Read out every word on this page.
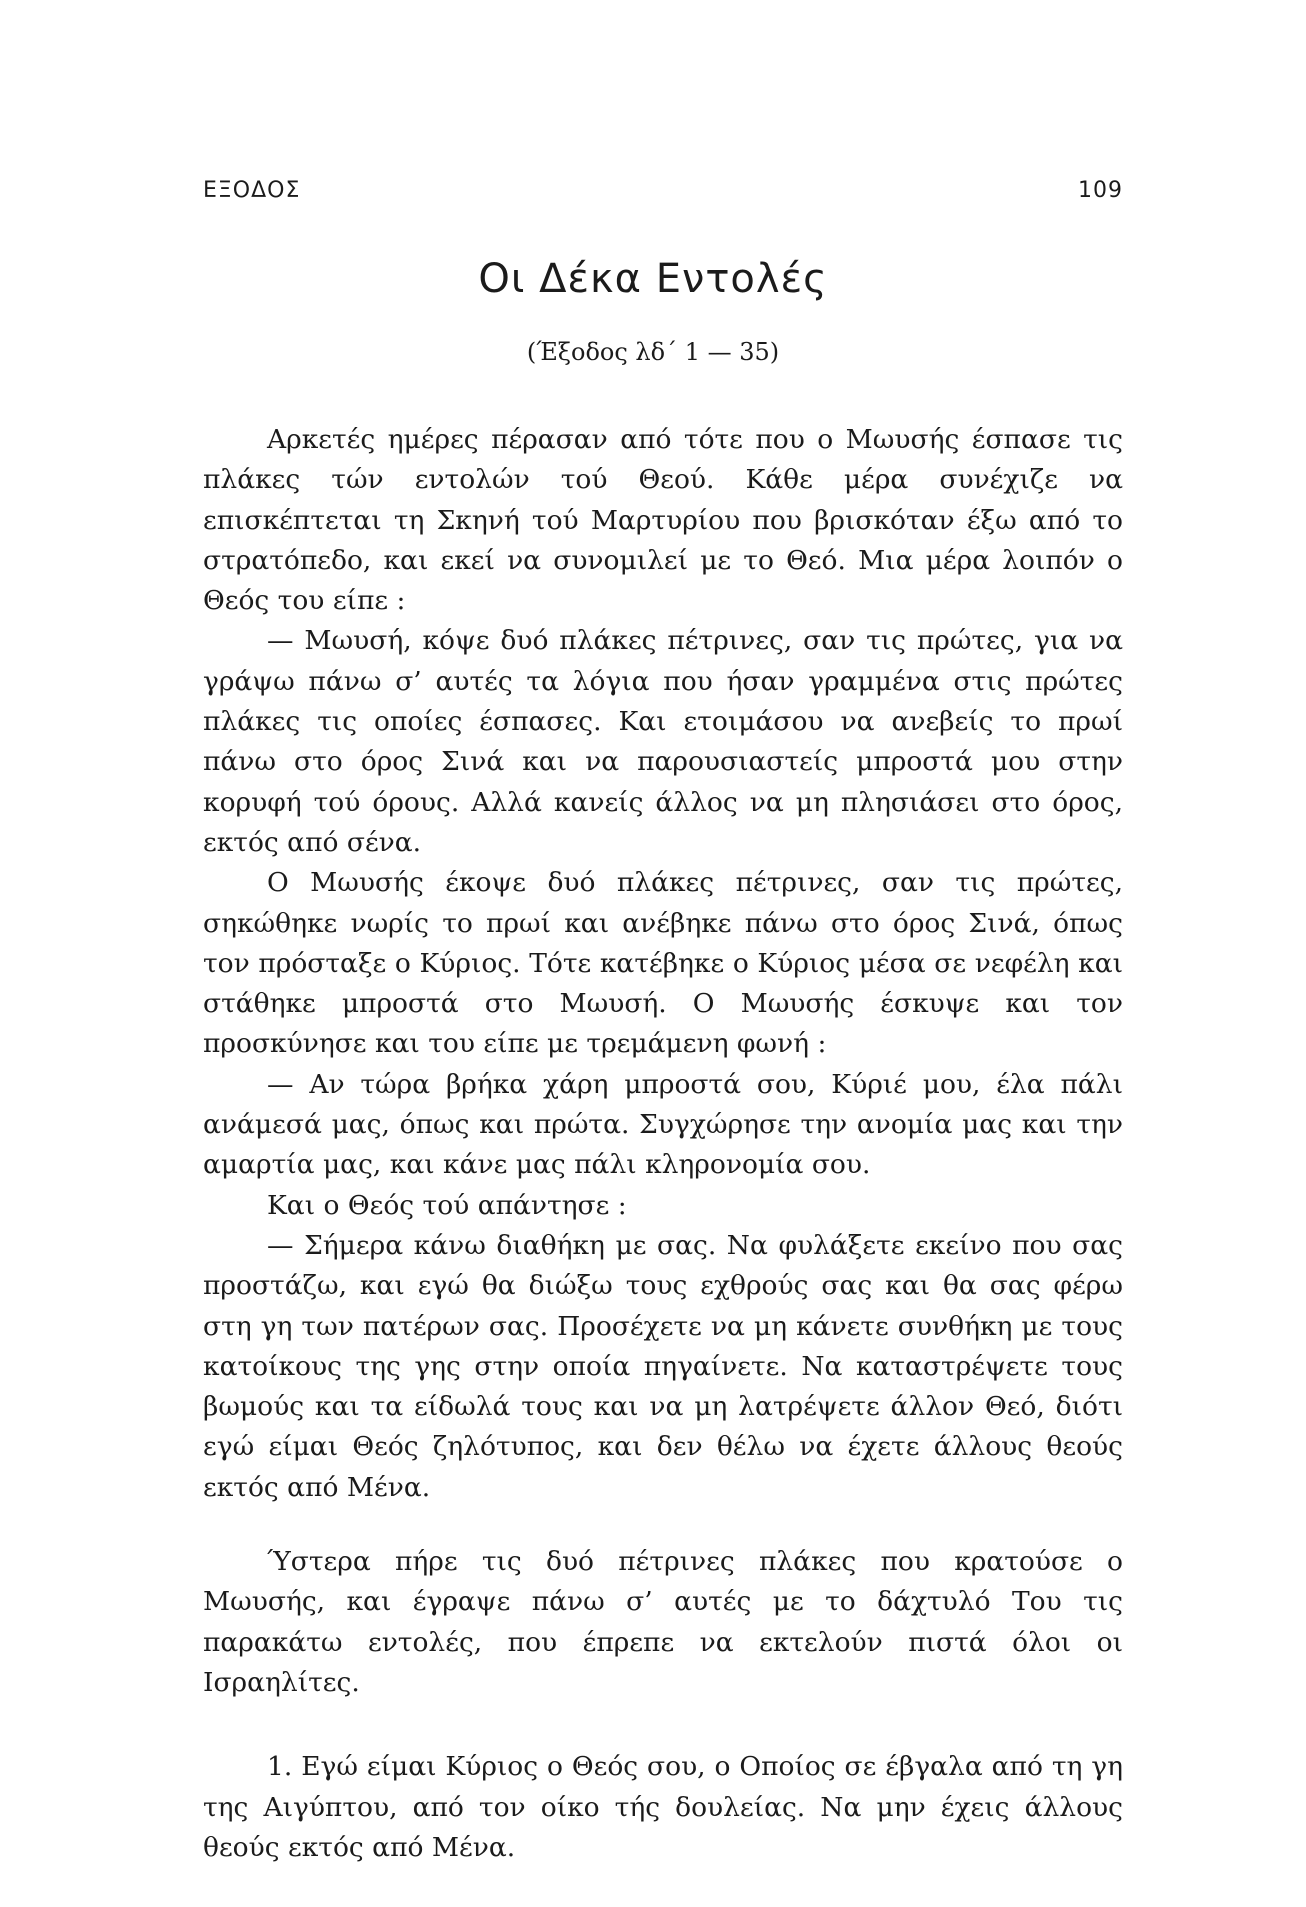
ΕΞΟΔΟΣ	109
Οι Δέκα Εντολές
(Έξοδος λδ΄ 1 — 35)

Αρκετές ημέρες πέρασαν από τότε που ο Μωυσής έσπασε τις πλάκες τών εντολών τού Θεού. Κάθε μέρα συνέχιζε να επισκέπτεται τη Σκηνή τού Μαρτυρίου που βρισκόταν έξω από το στρατόπεδο, και εκεί να συνομιλεί με το Θεό. Μια μέρα λοιπόν ο Θεός του είπε :

— Μωυσή, κόψε δυό πλάκες πέτρινες, σαν τις πρώτες, για να γράψω πάνω σ’ αυτές τα λόγια που ήσαν γραμμένα στις πρώτες πλάκες τις οποίες έσπασες. Και ετοιμάσου να ανεβείς το πρωί πάνω στο όρος Σινά και να παρουσιαστείς μπροστά μου στην κορυφή τού όρους. Αλλά κανείς άλλος να μη πλησιάσει στο όρος, εκτός από σένα.

Ο Μωυσής έκοψε δυό πλάκες πέτρινες, σαν τις πρώτες, σηκώθηκε νωρίς το πρωί και ανέβηκε πάνω στο όρος Σινά, όπως τον πρόσταξε ο Κύριος. Τότε κατέβηκε ο Κύριος μέσα σε νεφέλη και στάθηκε μπροστά στο Μωυσή. Ο Μωυσής έσκυψε και τον προσκύνησε και του είπε με τρεμάμενη φωνή :

— Αν τώρα βρήκα χάρη μπροστά σου, Κύριέ μου, έλα πάλι ανάμεσά μας, όπως και πρώτα. Συγχώρησε την ανομία μας και την αμαρτία μας, και κάνε μας πάλι κληρονομία σου.

Και ο Θεός τού απάντησε :

— Σήμερα κάνω διαθήκη με σας. Να φυλάξετε εκείνο που σας προστάζω, και εγώ θα διώξω τους εχθρούς σας και θα σας φέρω στη γη των πατέρων σας. Προσέχετε να μη κάνετε συνθήκη με τους κατοίκους της γης στην οποία πηγαίνετε. Να καταστρέψετε τους βωμούς και τα είδωλά τους και να μη λατρέψετε άλλον Θεό, διότι εγώ είμαι Θεός ζηλότυπος, και δεν θέλω να έχετε άλλους θεούς εκτός από Μένα.

Ύστερα πήρε τις δυό πέτρινες πλάκες που κρατούσε ο Μωυσής, και έγραψε πάνω σ’ αυτές με το δάχτυλό Του τις παρακάτω εντολές, που έπρεπε να εκτελούν πιστά όλοι οι Ισραηλίτες.

1. Εγώ είμαι Κύριος ο Θεός σου, ο Οποίος σε έβγαλα από τη γη της Αιγύπτου, από τον οίκο τής δουλείας. Να μην έχεις άλλους θεούς εκτός από Μένα.
